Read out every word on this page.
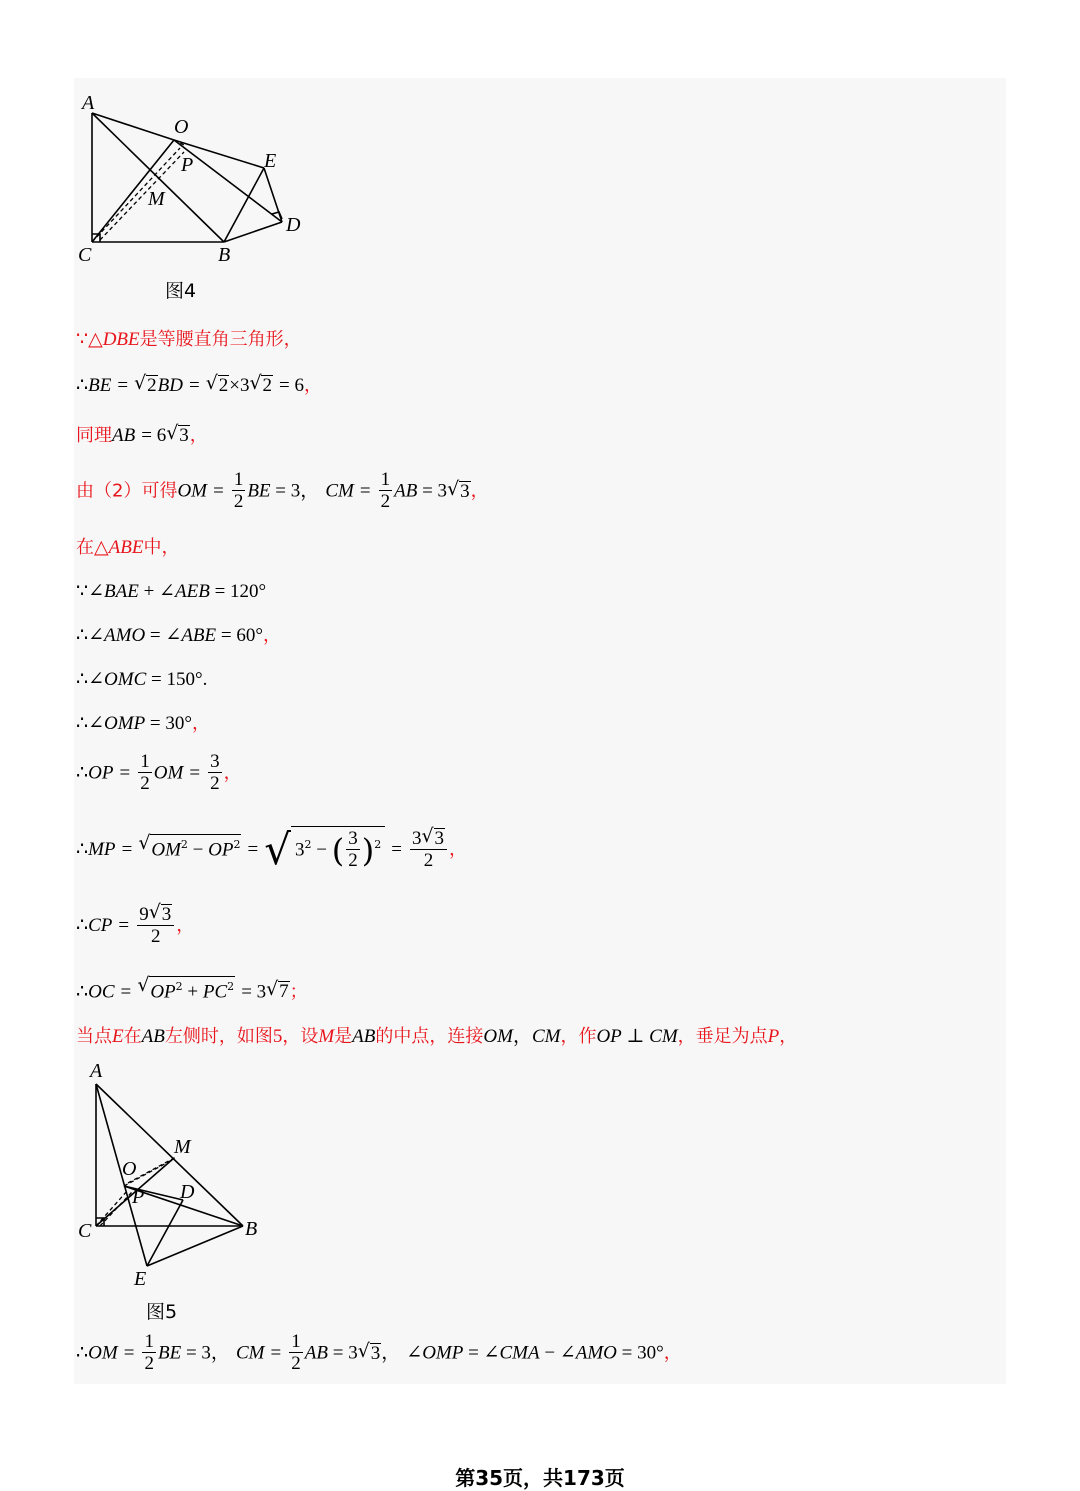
A
O
P	E
M
D
C	B
图4
∵△DBE是等腰直角三角形，
∴BE = √ 2BD = √ 2×3√ 2 = 6，
同理AB = 6√ 3，
由（2）可得OM = $\frac{1}{2}$ BE = 3， CM = $\frac{1}{2}$ AB = 3√ 3，
在△ABE中，
∵∠BAE + ∠AEB = 120°
∴∠AMO = ∠ABE = 60°，
∴∠OMC = 150°.
∴∠OMP = 30°，
∴OP = $\frac{1}{2}$ OM = $\frac{3}{2}$ ，
∴MP = √ $OM^2 - OP^2$ = √ $3^2$ − ( $\frac{3}{2} )^2 = \frac{3√ 3}{2}$ ，
∴CP = $\frac{9√ 3}{2}$ ，
∴OC = √ $OP^2 + PC^2 = 3√$ 7；
当点E在AB左侧时，如图5，设M是AB的中点，连接OM，CM，作OP ⊥ CM，垂足为点P，
A
M
O
P D
C	B
E
图5
∴OM = $\frac{1}{2}$ BE = 3， CM = $\frac{1}{2}$ AB = 3√ 3， ∠OMP = ∠CMA − ∠AMO = 30°，
第35页，共173页
